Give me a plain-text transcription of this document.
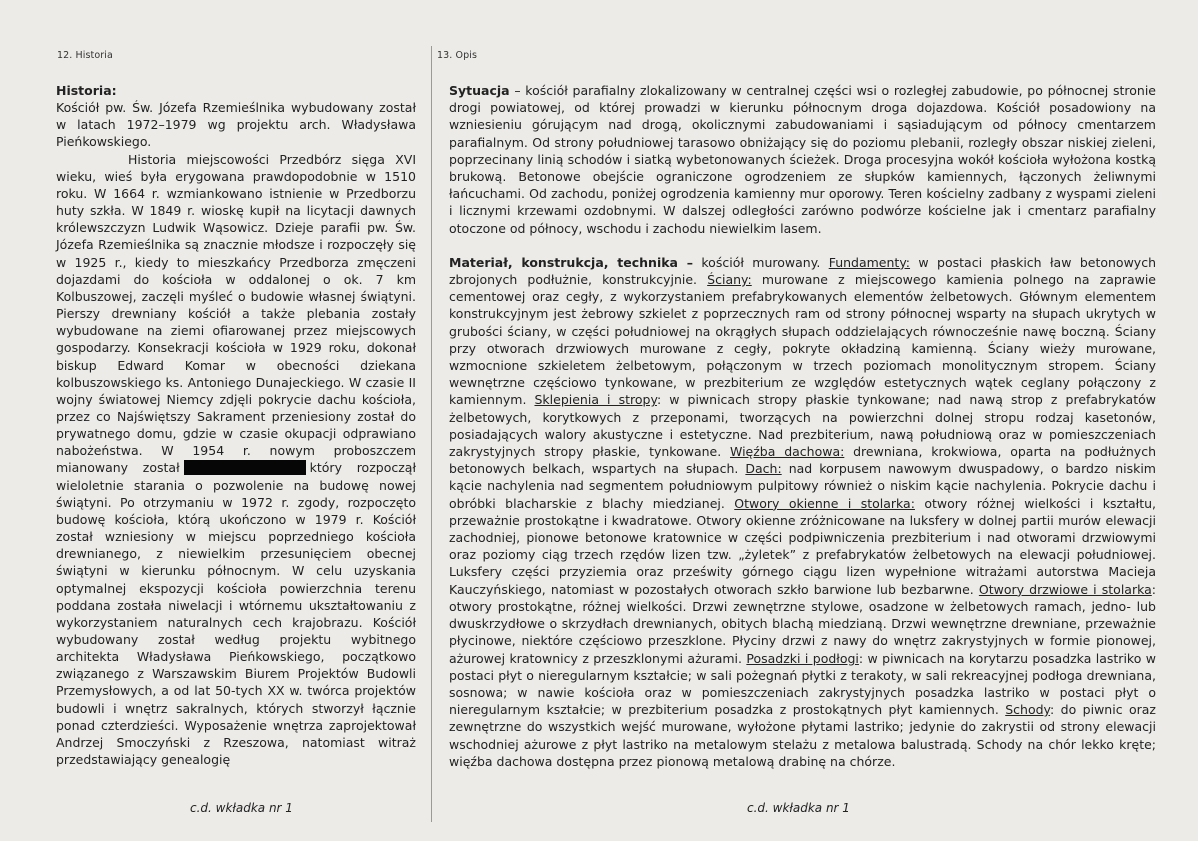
12. Historia	13. Opis

Historia:

Kościół pw. Św. Józefa Rzemieślnika wybudowany został w latach 1972–1979 wg projektu arch. Władysława Pieńkowskiego.

Historia miejscowości Przedbórz sięga XVI wieku, wieś była erygowana prawdopodobnie w 1510 roku. W 1664 r. wzmiankowano istnienie w Przedborzu huty szkła. W 1849 r. wioskę kupił na licytacji dawnych królewszczyzn Ludwik Wąsowicz. Dzieje parafii pw. Św. Józefa Rzemieślnika są znacznie młodsze i rozpoczęły się w 1925 r., kiedy to mieszkańcy Przedborza zmęczeni dojazdami do kościoła w oddalonej o ok. 7 km Kolbuszowej, zaczęli myśleć o budowie własnej świątyni. Pierszy drewniany kościół a także plebania zostały wybudowane na ziemi ofiarowanej przez miejscowych gospodarzy. Konsekracji kościoła w 1929 roku, dokonał biskup Edward Komar w obecności dziekana kolbuszowskiego ks. Antoniego Dunajeckiego. W czasie II wojny światowej Niemcy zdjęli pokrycie dachu kościoła, przez co Najświętszy Sakrament przeniesiony został do prywatnego domu, gdzie w czasie okupacji odprawiano nabożeństwa. W 1954 r. nowym proboszczem mianowany został	który rozpoczął wieloletnie starania o pozwolenie na budowę nowej świątyni. Po otrzymaniu w 1972 r. zgody, rozpoczęto budowę kościoła, którą ukończono w 1979 r. Kościół został wzniesiony w miejscu poprzedniego kościoła drewnianego, z niewielkim przesunięciem obecnej świątyni w kierunku północnym. W celu uzyskania optymalnej ekspozycji kościoła powierzchnia terenu poddana została niwelacji i wtórnemu ukształtowaniu z wykorzystaniem naturalnych cech krajobrazu. Kościół wybudowany został według projektu wybitnego architekta Władysława Pieńkowskiego, początkowo związanego z Warszawskim Biurem Projektów Budowli Przemysłowych, a od lat 50-tych XX w. twórca projektów budowli i wnętrz sakralnych, których stworzył łącznie ponad czterdzieści. Wyposażenie wnętrza zaprojektował Andrzej Smoczyński z Rzeszowa, natomiast witraż przedstawiający genealogię

Sytuacja – kościół parafialny zlokalizowany w centralnej części wsi o rozległej zabudowie, po północnej stronie drogi powiatowej, od której prowadzi w kierunku północnym droga dojazdowa. Kościół posadowiony na wzniesieniu górującym nad drogą, okolicznymi zabudowaniami i sąsiadującym od północy cmentarzem parafialnym. Od strony południowej tarasowo obniżający się do poziomu plebanii, rozległy obszar niskiej zieleni, poprzecinany linią schodów i siatką wybetonowanych ścieżek. Droga procesyjna wokół kościoła wyłożona kostką brukową. Betonowe obejście ograniczone ogrodzeniem ze słupków kamiennych, łączonych żeliwnymi łańcuchami. Od zachodu, poniżej ogrodzenia kamienny mur oporowy. Teren kościelny zadbany z wyspami zieleni i licznymi krzewami ozdobnymi. W dalszej odległości zarówno podwórze kościelne jak i cmentarz parafialny otoczone od północy, wschodu i zachodu niewielkim lasem.

Materiał, konstrukcja, technika – kościół murowany. Fundamenty: w postaci płaskich ław betonowych zbrojonych podłużnie, konstrukcyjnie. Ściany: murowane z miejscowego kamienia polnego na zaprawie cementowej oraz cegły, z wykorzystaniem prefabrykowanych elementów żelbetowych. Głównym elementem konstrukcyjnym jest żebrowy szkielet z poprzecznych ram od strony północnej wsparty na słupach ukrytych w grubości ściany, w części południowej na okrągłych słupach oddzielających równocześnie nawę boczną. Ściany przy otworach drzwiowych murowane z cegły, pokryte okładziną kamienną. Ściany wieży murowane, wzmocnione szkieletem żelbetowym, połączonym w trzech poziomach monolitycznym stropem. Ściany wewnętrzne częściowo tynkowane, w prezbiterium ze względów estetycznych wątek ceglany połączony z kamiennym. Sklepienia i stropy: w piwnicach stropy płaskie tynkowane; nad nawą strop z prefabrykatów żelbetowych, korytkowych z przeponami, tworzących na powierzchni dolnej stropu rodzaj kasetonów, posiadających walory akustyczne i estetyczne. Nad prezbiterium, nawą południową oraz w pomieszczeniach zakrystyjnych stropy płaskie, tynkowane. Więźba dachowa: drewniana, krokwiowa, oparta na podłużnych betonowych belkach, wspartych na słupach. Dach: nad korpusem nawowym dwuspadowy, o bardzo niskim kącie nachylenia nad segmentem południowym pulpitowy również o niskim kącie nachylenia. Pokrycie dachu i obróbki blacharskie z blachy miedzianej. Otwory okienne i stolarka: otwory różnej wielkości i kształtu, przeważnie prostokątne i kwadratowe. Otwory okienne zróżnicowane na luksfery w dolnej partii murów elewacji zachodniej, pionowe betonowe kratownice w części podpiwniczenia prezbiterium i nad otworami drzwiowymi oraz poziomy ciąg trzech rzędów lizen tzw. „żyletek” z prefabrykatów żelbetowych na elewacji południowej. Luksfery części przyziemia oraz prześwity górnego ciągu lizen wypełnione witrażami autorstwa Macieja Kauczyńskiego, natomiast w pozostałych otworach szkło barwione lub bezbarwne. Otwory drzwiowe i stolarka: otwory prostokątne, różnej wielkości. Drzwi zewnętrzne stylowe, osadzone w żelbetowych ramach, jedno- lub dwuskrzydłowe o skrzydłach drewnianych, obitych blachą miedzianą. Drzwi wewnętrzne drewniane, przeważnie płycinowe, niektóre częściowo przeszklone. Płyciny drzwi z nawy do wnętrz zakrystyjnych w formie pionowej, ażurowej kratownicy z przeszklonymi ażurami. Posadzki i podłogi: w piwnicach na korytarzu posadzka lastriko w postaci płyt o nieregularnym kształcie; w sali pożegnań płytki z terakoty, w sali rekreacyjnej podłoga drewniana, sosnowa; w nawie kościoła oraz w pomieszczeniach zakrystyjnych posadzka lastriko w postaci płyt o nieregularnym kształcie; w prezbiterium posadzka z prostokątnych płyt kamiennych. Schody: do piwnic oraz zewnętrzne do wszystkich wejść murowane, wyłożone płytami lastriko; jedynie do zakrystii od strony elewacji wschodniej ażurowe z płyt lastriko na metalowym stelażu z metalowa balustradą. Schody na chór lekko kręte; więźba dachowa dostępna przez pionową metalową drabinę na chórze.

c.d. wkładka nr 1	c.d. wkładka nr 1
